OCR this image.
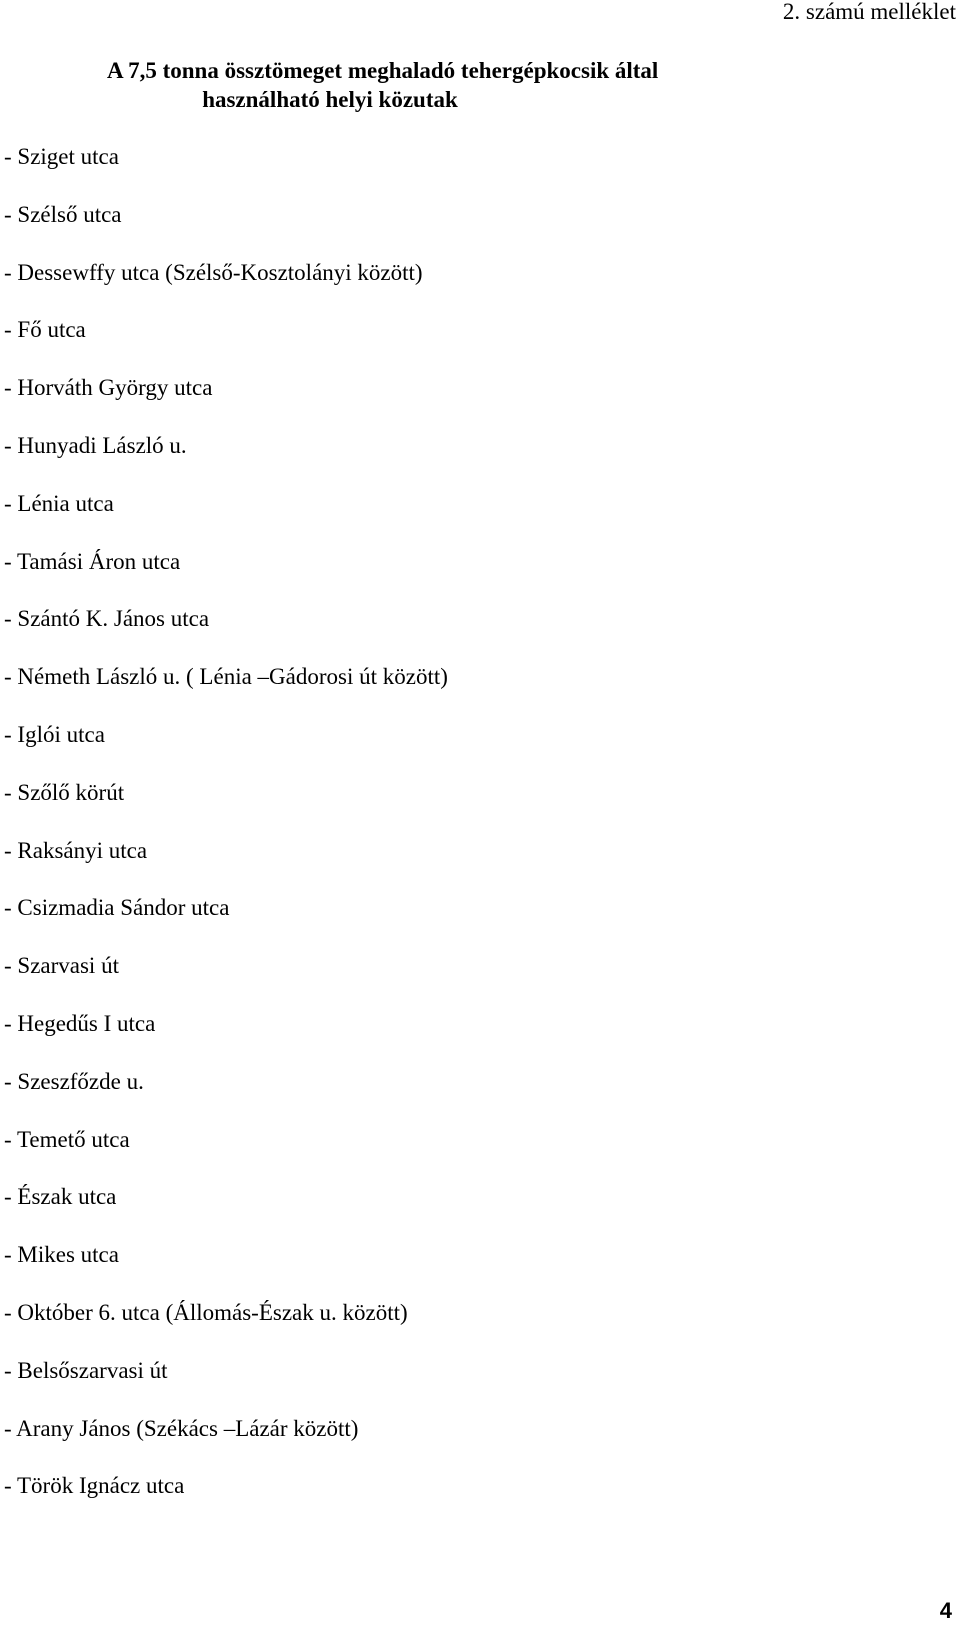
2. számú melléklet
A 7,5 tonna össztömeget meghaladó tehergépkocsik által
használható helyi közutak
- Sziget utca
- Szélső utca
- Dessewffy utca (Szélső-Kosztolányi között)
- Fő utca
- Horváth György utca
- Hunyadi László u.
- Lénia utca
- Tamási Áron utca
- Szántó K. János utca
- Németh László u. ( Lénia –Gádorosi út között)
- Iglói utca
- Szőlő körút
- Raksányi utca
- Csizmadia Sándor utca
- Szarvasi út
- Hegedűs I utca
- Szeszfőzde u.
- Temető utca
- Észak utca
- Mikes utca
- Október 6. utca (Állomás-Észak u. között)
- Belsőszarvasi út
- Arany János (Székács –Lázár között)
- Török Ignácz utca
4
